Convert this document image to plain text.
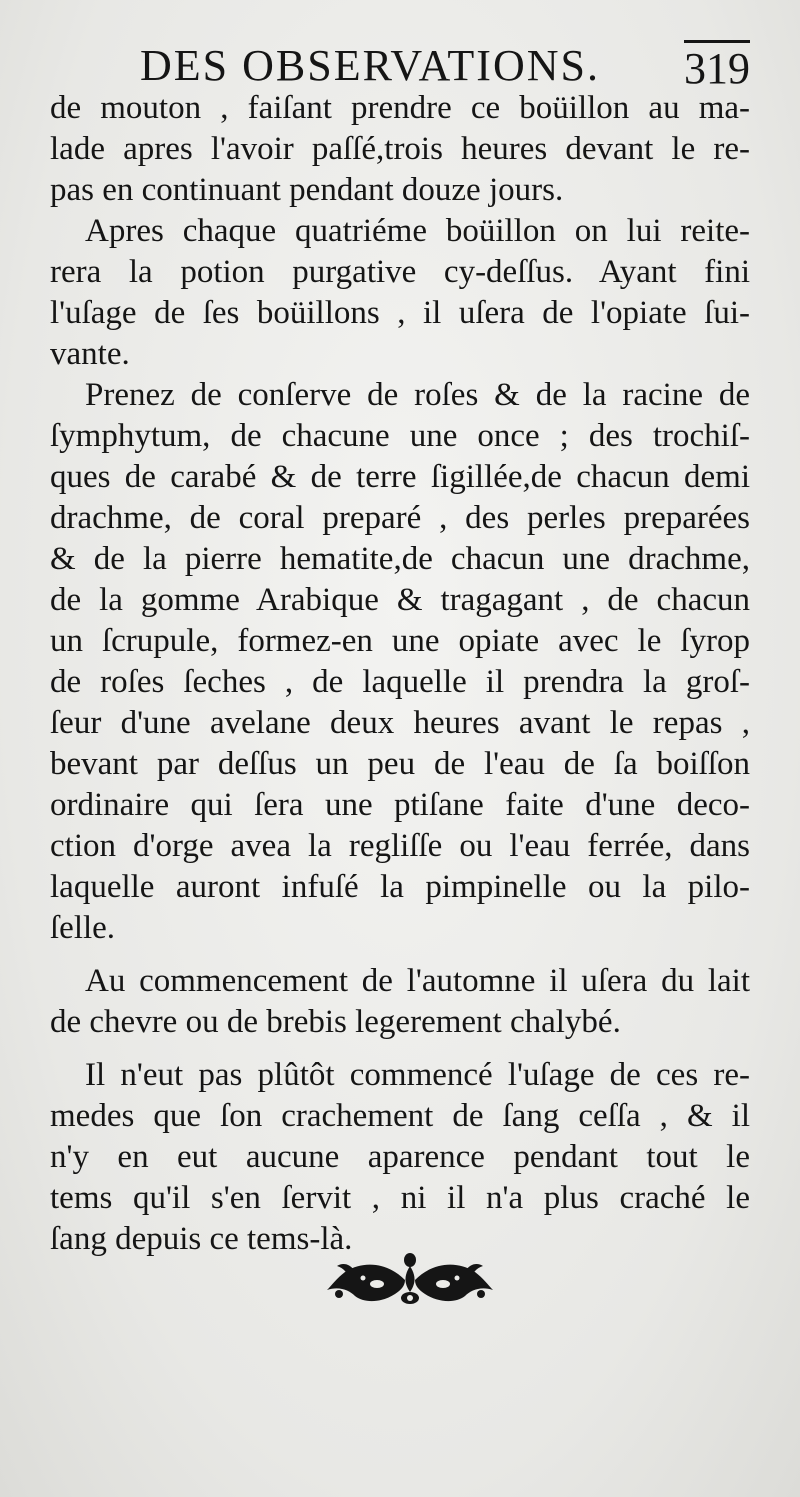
DES OBSERVATIONS. 319
de mouton , faiſant prendre ce boüillon au ma-
lade apres l'avoir paſſé,trois heures devant le re-
pas en continuant pendant douze jours.
Apres chaque quatriéme boüillon on lui reite-
rera la potion purgative cy-deſſus. Ayant fini
l'uſage de ſes boüillons , il uſera de l'opiate ſui-
vante.
Prenez de conſerve de roſes & de la racine de
ſymphytum, de chacune une once ; des trochiſ-
ques de carabé & de terre ſigillée,de chacun demi
drachme, de coral preparé , des perles preparées
& de la pierre hematite,de chacun une drachme,
de la gomme Arabique & tragagant , de chacun
un ſcrupule, formez-en une opiate avec le ſyrop
de roſes ſeches , de laquelle il prendra la groſ-
ſeur d'une avelane deux heures avant le repas ,
bevant par deſſus un peu de l'eau de ſa boiſſon
ordinaire qui ſera une ptiſane faite d'une deco-
ction d'orge avea la regliſſe ou l'eau ferrée, dans
laquelle auront infuſé la pimpinelle ou la pilo-
ſelle.
Au commencement de l'automne il uſera du lait
de chevre ou de brebis legerement chalybé.
Il n'eut pas plûtôt commencé l'uſage de ces re-
medes que ſon crachement de ſang ceſſa , & il
n'y en eut aucune aparence pendant tout le
tems qu'il s'en ſervit , ni il n'a plus craché le
ſang depuis ce tems-là.
